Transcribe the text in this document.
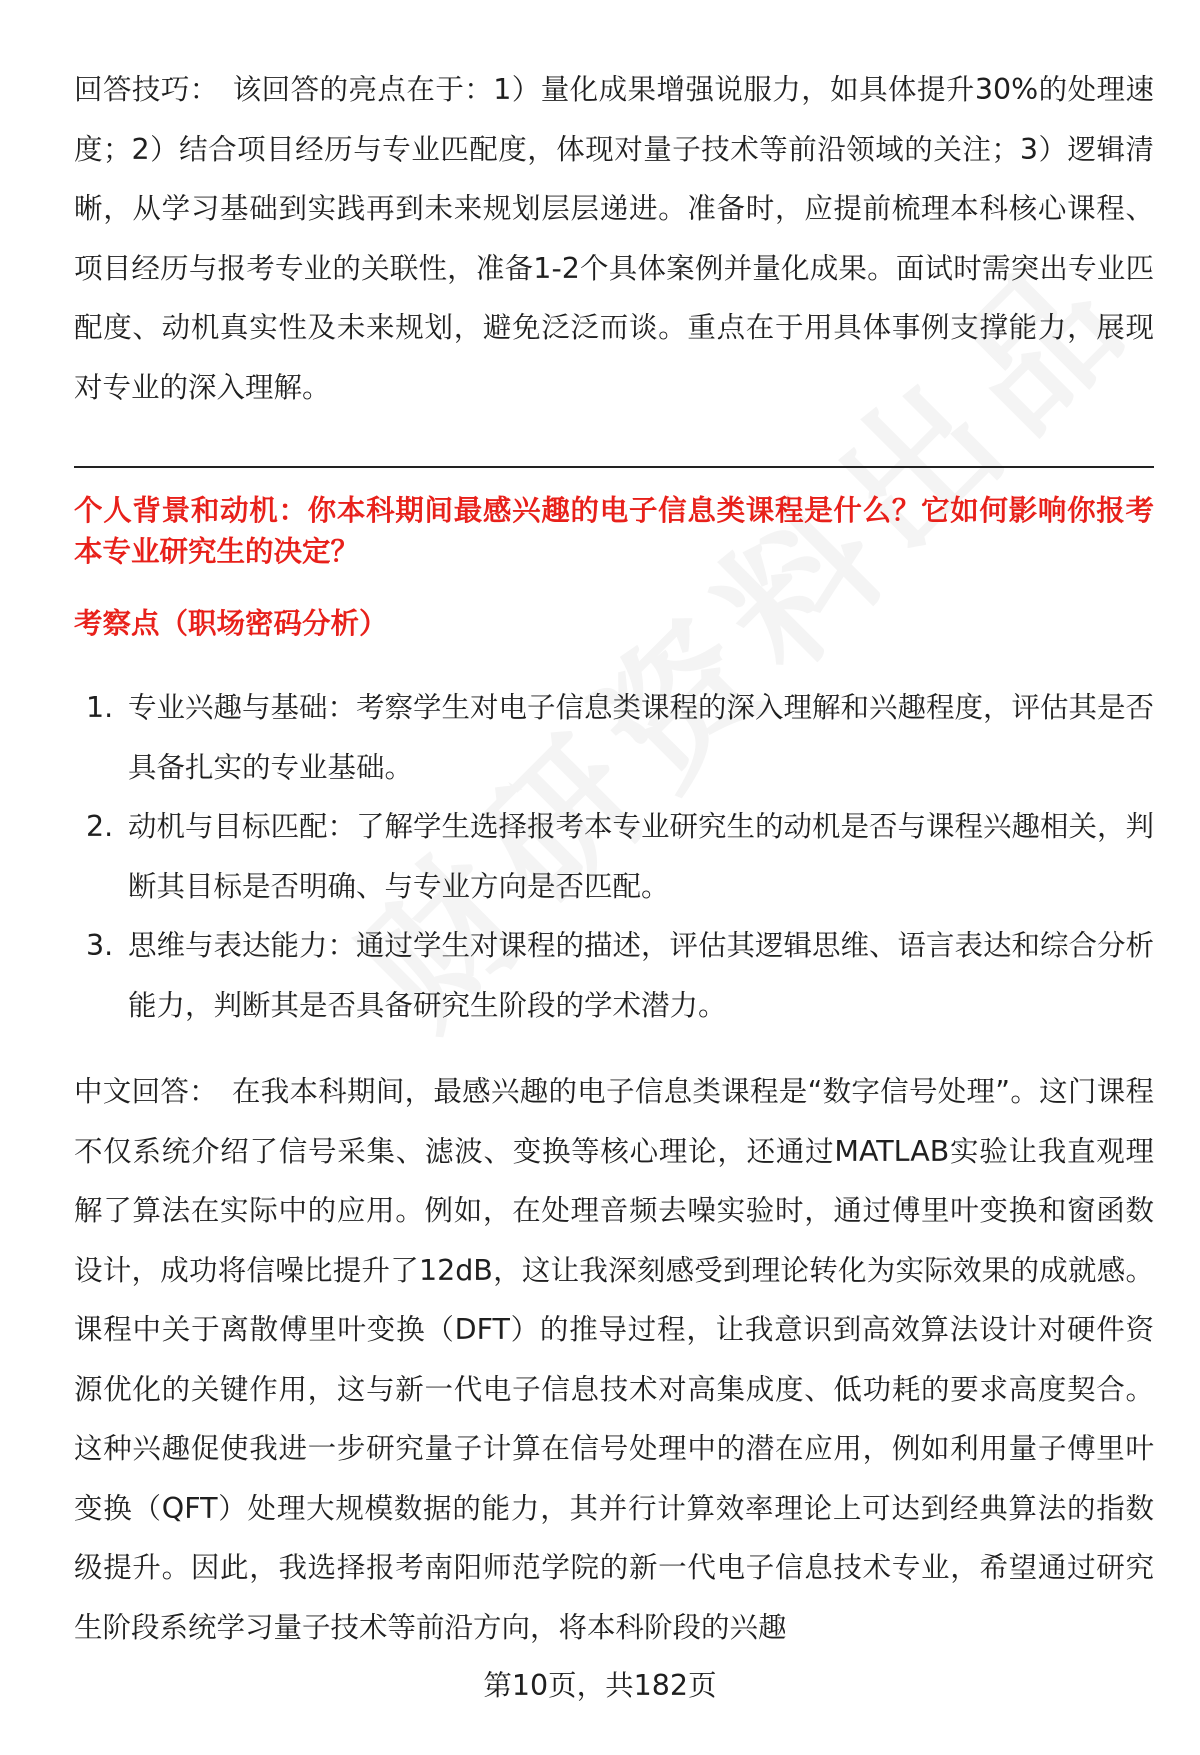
回答技巧： 该回答的亮点在于：1）量化成果增强说服力，如具体提升30%的处理速度；2）结合项目经历与专业匹配度，体现对量子技术等前沿领域的关注；3）逻辑清晰，从学习基础到实践再到未来规划层层递进。准备时，应提前梳理本科核心课程、项目经历与报考专业的关联性，准备1-2个具体案例并量化成果。面试时需突出专业匹配度、动机真实性及未来规划，避免泛泛而谈。重点在于用具体事例支撑能力，展现对专业的深入理解。
个人背景和动机：你本科期间最感兴趣的电子信息类课程是什么？它如何影响你报考本专业研究生的决定？
考察点（职场密码分析）
1. 专业兴趣与基础：考察学生对电子信息类课程的深入理解和兴趣程度，评估其是否具备扎实的专业基础。
2. 动机与目标匹配：了解学生选择报考本专业研究生的动机是否与课程兴趣相关，判断其目标是否明确、与专业方向是否匹配。
3. 思维与表达能力：通过学生对课程的描述，评估其逻辑思维、语言表达和综合分析能力，判断其是否具备研究生阶段的学术潜力。
中文回答： 在我本科期间，最感兴趣的电子信息类课程是“数字信号处理”。这门课程不仅系统介绍了信号采集、滤波、变换等核心理论，还通过MATLAB实验让我直观理解了算法在实际中的应用。例如，在处理音频去噪实验时，通过傅里叶变换和窗函数设计，成功将信噪比提升了12dB，这让我深刻感受到理论转化为实际效果的成就感。课程中关于离散傅里叶变换（DFT）的推导过程，让我意识到高效算法设计对硬件资源优化的关键作用，这与新一代电子信息技术对高集成度、低功耗的要求高度契合。这种兴趣促使我进一步研究量子计算在信号处理中的潜在应用，例如利用量子傅里叶变换（QFT）处理大规模数据的能力，其并行计算效率理论上可达到经典算法的指数级提升。因此，我选择报考南阳师范学院的新一代电子信息技术专业，希望通过研究生阶段系统学习量子技术等前沿方向，将本科阶段的兴趣
第10页，共182页
